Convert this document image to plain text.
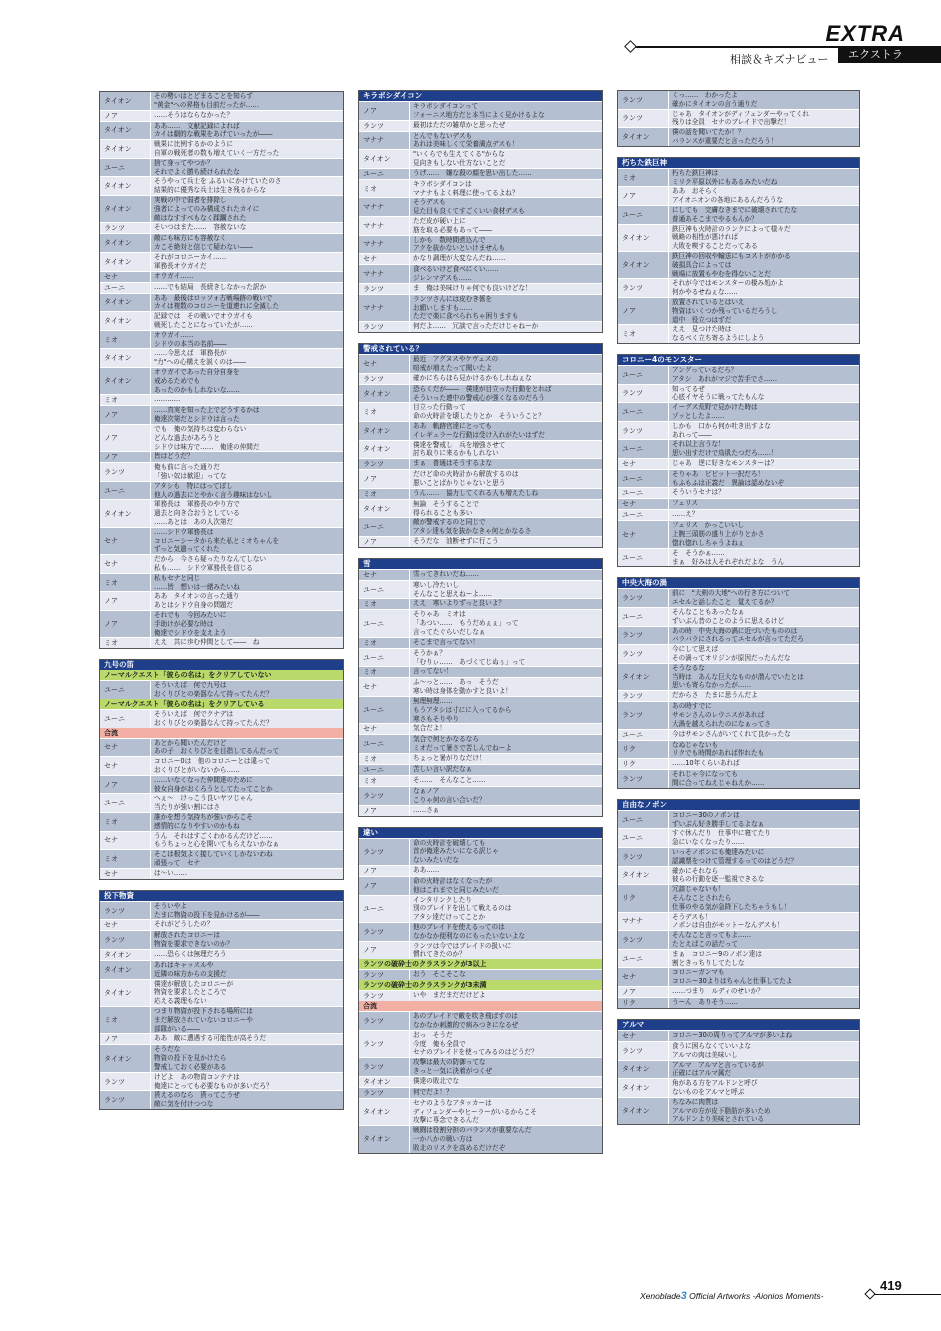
EXTRA
相談＆キズナビュー	エクストラ
タイオン
その勢いはとどまることを知らず
"黄金"への昇格も目前だったが……
ノア	……そうはならなかった？
タイオン
ああ……　文献記録によれば
カイは劇的な戦果をあげていったが――
タイオン
戦果に比例するかのように
自軍の戦死者の数も増えていく一方だった
ユーニ
捨て身ってやつか？
それでよく勝ち続けられたな
タイオン
そうやって兵士を ふるいにかけていたのさ
結果的に優秀な兵士は生き残るからな
タイオン
実戦の中で弱者を排除し
強者によってのみ構成されたカイに
敵はなすすべもなく蹂躙された
ランツ	そいつはまた……　容赦ないな
タイオン
敵にも味方にも容赦なく
カこそ絶対と信じて疑わない――
タイオン
それがコロニーカイ……
軍務長オウガイだ
セナ	オウガイ……
ユーニ	……でも結局　長続きしなかった訳か
タイオン
ああ　最後はロッソォ古戦場跡の戦いで
カイは複数のコロニーを道連れに全滅した
タイオン
記録では　その戦いでオウガイも
戦死したことになっていたが……
ミオ
オウガイ……
シドウの本当の名前――
タイオン
……今思えば　軍務長が
"力"への心構えを説くのは――
タイオン
オウガイであった自分自身を
戒めるためでも
あったのかもしれないな……
ミオ	…………
ノア
……真実を知った上でどうするかは
俺達次第だとシドウは言った
ノア
でも　俺の気持ちは変わらない
どんな過去があろうと
シドウは味方で……　俺達の仲間だ
ノア	皆はどうだ？
ランツ
俺も前に言った通りだ
「強い奴は歓迎」ってな
ユーニ
アタシも　特にはってぼし
他人の過去にとやかく言う趣味はないし
タイオン
軍務長は　軍務長のやり方で
過去と向き合おうとしている
……あとは　あの人次第だ
セナ
……シドウ軍務長は
コロニーシータから来た私とミオちゃんを
ずっと気遣ってくれた
セナ
だから　今さら疑ったりなんてしない
私も……　シドウ軍務長を信じる
ミオ
私もセナと同じ
……皆　想いは一緒みたいね
ノア
ああ　タイオンの言った通り
あとはシドウ自身の問題だ
ノア
それでも　今回みたいに
手助けが必要な時は
俺達でシドウを支えよう
ミオ	ええ　共に歩む仲間として――　ね
九号の笛
ノーマルクエスト「彼らの名は」をクリアしていない
ユーニ
そういえば　何で九号は
おくりびとの楽器なんて持ってたんだ？
ノーマルクエスト「彼らの名は」をクリアしている
ユーニ
そういえば　何でクナデは
おくりびとの楽器なんて持ってたんだ？
合流
セナ
あとから聞いたんだけど
あの子　おくりびとを目指してるんだって
セナ
コロニー0は　他のコロニーとは違って
おくりびとがいないから……
ノア
……いなくなった仲間達のために
彼女自身がおくろうとしてたってことか
ユーニ
へぇ～　けっこう良いヤツじゃん
当たりが強い割にはさ
ミオ
誰かを想う気持ちが強いからこそ
感情的になりやすいのかもね
セナ
うん　それはすごくわかるんだけど……
もうちょっと心を開いてもらえないかなぁ
ミオ
そこは根気よく接していくしかないわね
頑張って　セナ
セナ	は～い……
投下物資
ランツ
そういやよ
たまに物資の投下を見かけるが――
セナ	それがどうしたの？
ランツ
解放されたコロニーは
物資を要求できないのか？
タイオン	……恐らくは無理だろう
タイオン
あれはキャッスルや
近隣の味方からの支援だ
タイオン
僕達が解放したコロニーが
物資を要求したところで
応える義理もない
ミオ
つまり物資が投下される場所には
まだ解放されていないコロニーや
部隊がいる――
ノア	ああ　敵に遭遇する可能性が高そうだ
タイオン
そうだな
物資の投下を見かけたら
警戒しておく必要がある
ランツ
けどよ　あの物資コンテナは
俺達にとっても必要なものが多いだろ？
ランツ
貰えるのなら　貰ってこうぜ
敵に気を付けつつな
キラボシダイコン
ノア
キラボシダイコンって
フォーニス地方だと本当によく見かけるよな
ランツ	最初はただの雑草かと思ったぜ
マナナ
とんでもないデスも
あれは美味しくて栄養満点デスも！
タイオン
"いくらでも生えてくる"からな
見向きもしない仕方ないことだ
ユーニ	うげ……　嫌な殺の顔を思い出した……
ミオ
キラボシダイコンは
マナナもよく料理に使ってるよね？
マナナ
そうデスも
見た目も良くてすごくいい食材デスも
マナナ
ただ皮が硬い上に
筋を取る必要もあって――
マナナ
しかも　数時間煮込んで
アクを抜かないといけませんも
セナ	かなり調理が大変なんだね……
マナナ
食べるいけど食べにくい……
ジレンマデスも……
ランツ	ま　俺は美味けりゃ何でも良いけどな！
マナナ
ランツさんには皮むき係を
お願いしますも……
ただで楽に食べられちゃ困りますも
ランツ	何だよ……　冗談で言っただけじゃねーか
警戒されている？
セナ
最近　アグヌスやケヴェスの
喧戒が増えたって聞いたよ
ランツ	確かにちらほら見かけるかもしれねぇな
タイオン
恐らくだが――　僕達が目立った行動をとれば
そういった連中の警戒心が強くなるのだろう
ミオ
目立った行動って
命の火時計を壊したりとか　そういうこと？
タイオン
ああ　軌跡官達にとっても
イレギュラーな行動は受け入れがたいはずだ
タイオン
僕達を警戒し　兵を増強させて
討ち取りに来るかもしれない
ランツ	まぁ　普通はそうするよな
ノア
だけど命の火時計から解放するのは
悪いことばかりじゃないと思う
ミオ	うん……　協力してくれる人も増えたしね
タイオン
無論　そうすることで
得られることも多い
ユーニ
敵が警戒するのと同じで
アタシ達も気を抜かなきゃ何とかなるさ
ノア	そうだな　油断せずに行こう
雪
セナ	雪ってきれいだね……
ユーニ
寒いし冷たいし
そんなこと思えねーよ……
ミオ	ええ　寒いよりずっと良いよ？
ユーニ
そりゃあ　ミオは
「あつい……　もうだめぇぇ」って
言ってたぐらいだしなぁ
ミオ	そこまで言ってない！
ユーニ
そうかぁ？
「むりぃ……　あづくてじぬぅ」って
ミオ	言ってない！
セナ
ふ～っと……　あっ　そうだ
寒い時は身体を動かすと良いよ！
ユーニ
無理無理……
もうアタシは寸にに入ってるから
寒さもそりやり
セナ	気合だよ！
ユーニ
気合で何とかなるなら
ミオだって暑さで苦しんでねーよ
ミオ	ちょっと暑がりなだけ！
ユーニ	苦しい言い訳だなぁ
ミオ	そ……　そんなこと……
ランツ
なぁノア
こりゃ何の言い合いだ？
ノア	……さぁ
違い
ランツ
命の火時計を破壊しても
首が俺達みたいになる訳じゃ
ないみたいだな
ノア	ああ……
ノア
命の火時計はなくなったが
他はこれまでと同じみたいだ
ユーニ
インタリンクしたり
別のブレイドを出して戦えるのは
アタシ達だけってことか
ランツ
他のブレイドを使えるってのは
なかなか便利なのにもったいないよな
ノア
ランツは今ではブレイドの扱いに
慣れてきたのか？
ランツの破砕士のクラスランクが3以上
ランツ	おう　そこそこな
ランツの破砕士のクラスランクが3未満
ランツ	いや　まだまだだけどよ
合流
ランツ
あのブレイドで敵を吹き飛ばすのは
なかなか刺激的で病みつきになるぜ
ランツ
おっ　そうだ
今度　俺も全員で
セナのブレイドを使ってみるのはどうだ？
ランツ
攻撃は最大の防御ってな
きっと一気に決着がつくぜ
タイオン	僕達の敗北でな
ランツ	何でだよ！？
タイオン
セナのようなアタッカーは
ディフェンダーやヒーラーがいるからこそ
攻撃に専念できるんだ
タイオン
戦闘は役割分担のバランスが重要なんだ
一か八かの戦い方は
敗北のリスクを高めるだけだぞ
ランツ
くっ……　わかったよ
確かにタイオンの言う通りだ
ランツ
じゃあ　タイオンがディフェンダーやってくれ
残りは全員　セナのブレイドで出撃だ！
タイオン
僕の話を聞いてたか！？
バランスが重要だと言っただろう！
朽ちた鉄巨神
ミオ
朽ちた鉄巨神は
ミリク平原以外にもあるみたいだね
ノア
ああ　おそらく
アイオニオンの各地にあるんだろうな
ユーニ
にしても　完膚なきまでに破壊されてたな
普通あそこまでやるもんか？
タイオン
鉄巨神も火時計のランクによって様々だ
戦略の相性が悪ければ
大敗を喫することだってある
タイオン
鉄巨神の回収や輸送にもコストがかかる
破損具合によっては
戦場に放置もやむを得ないことだ
ランツ
それが今ではモンスターの棲み処かよ
何かやるせねぇな……
ノア
放置されているとはいえ
物資はいくつか残っているだろうし
道中　役立つはずだ
ミオ
ええ　見つけた時は
なるべく立ち寄るようにしよう
コロニー4のモンスター
ユーニ
アングっているだろ？
アタシ　あれがマジで苦手でさ……
ランツ
知ってるぜ
心底イヤそうに戦ってたもんな
ユーニ
イーグス荒野で見かけた時は
ゾッとしたよ……
ランツ
しかも　口から何か吐き出すよな
あれって――
ユーニ
それ以上言うな！
思い出すだけで鳥肌たつだろ……！
セナ	じゃあ　逆に好きなモンスターは？
ユーニ
そりゃあ　ピピット一択だろ！
もふもふは正義だ　異論は認めないぞ
ユーニ	そういうセナは？
セナ	フェリス
ユーニ	……え？
セナ
フェリス　かっこいいし
上腕三頭筋の盛り上がりとかさ
惚れ惚れしちゃうよねぇ
ユーニ
そ　そうかぁ……
まぁ　好みは人それぞれだよな　うん
中央大海の渦
ランツ
前に　"大剣の大地"への行き方について
エセルと話したこと　覚えてるか？
ユーニ
そんなこともあったなぁ
ずいぶん昔のことのように思えるけど
ランツ
あの時　中央大海の渦に近づいたもののは
バラバラにされるってエセルが言ってただろ
ランツ
今にして思えば
その渦ってオリジンが原因だったんだな
タイオン
そうなるな
当時は　あんな巨大なものが潜んでいたとは
思いも寄らなかったが……
ランツ	だからさ　たまに思うんだよ
ランツ
あの時すでに
サモンさんのレウニスがあれば
大渦を越えられたのになぁってさ
ユーニ	今はサモンさんがいてくれて良かったな
リク
なぬじゃないも
リクでも時間があれば作れたも
リク	……10年くらいあれば
ランツ
それじゃ今になっても
間に合ってねえじゃねえか……
自由なノポン
ユーニ
コロニー30のノポンは
ずいぶん好き勝手してるよなぁ
ユーニ
すぐ休んだり　仕事中に寝てたり
急にいなくなったり……
ランツ
いっそノポンにも俺達みたいに
認識票をつけて管理するってのはどうだ？
タイオン
確かにそれなら
彼らの行動を逐一監視できるな
リク
冗談じゃないも！
そんなことされたら
仕事のやる気が急降下したちゃうもし！
マナナ
そうデスも！
ノポンは自由がモットーなんデスも！
ランツ
そんなこと言ってもよ……
たとえばこの話だって
ユーニ
まぁ　コロニー9のノポン達は
割ときっちりしてたしな
セナ
コロニーガンマも
コロニー30よりはちゃんと仕事してたよ
ノア	……つまり　ルディのせいか？
リク	うーん　ありそう……
アルマ
セナ	コロニー30の周りってアルマが多いよね
ランツ
食うに困らなくていいよな
アルマの肉は美味いし
タイオン
アルマ　アルマと言っているが
正確にはアルマ属だ
タイオン
角がある方をアルドンと呼び
ないものをアルマと呼ぶ
タイオン
ちなみに肉質は
アルマの方が皮下脂肪が多いため
アルドンより美味とされている
Xenoblade3 Official Artworks -Aionios Moments-
419
